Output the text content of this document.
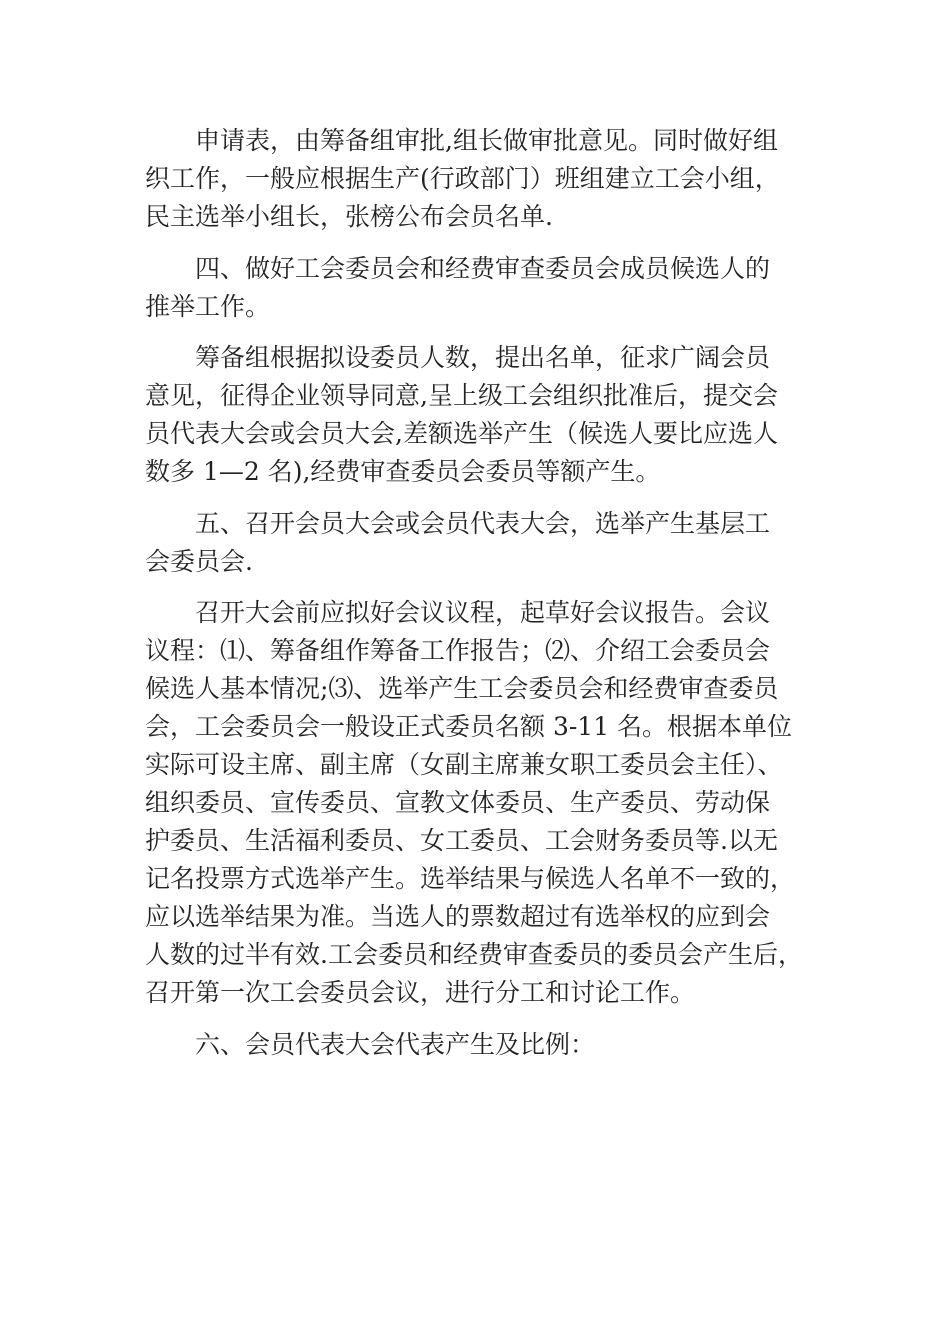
申请表，由筹备组审批,组长做审批意见。同时做好组
织工作，一般应根据生产(行政部门）班组建立工会小组，
民主选举小组长，张榜公布会员名单.
四、做好工会委员会和经费审查委员会成员候选人的
推举工作。
筹备组根据拟设委员人数，提出名单，征求广阔会员
意见，征得企业领导同意,呈上级工会组织批准后，提交会
员代表大会或会员大会,差额选举产生（候选人要比应选人
数多 1—2 名),经费审查委员会委员等额产生。
五、召开会员大会或会员代表大会，选举产生基层工
会委员会.
召开大会前应拟好会议议程，起草好会议报告。会议
议程：⑴、筹备组作筹备工作报告；⑵、介绍工会委员会
候选人基本情况;⑶、选举产生工会委员会和经费审查委员
会，工会委员会一般设正式委员名额 3-11 名。根据本单位
实际可设主席、副主席（女副主席兼女职工委员会主任）、
组织委员、宣传委员、宣教文体委员、生产委员、劳动保
护委员、生活福利委员、女工委员、工会财务委员等.以无
记名投票方式选举产生。选举结果与候选人名单不一致的，
应以选举结果为准。当选人的票数超过有选举权的应到会
人数的过半有效.工会委员和经费审查委员的委员会产生后，
召开第一次工会委员会议，进行分工和讨论工作。
六、会员代表大会代表产生及比例：
